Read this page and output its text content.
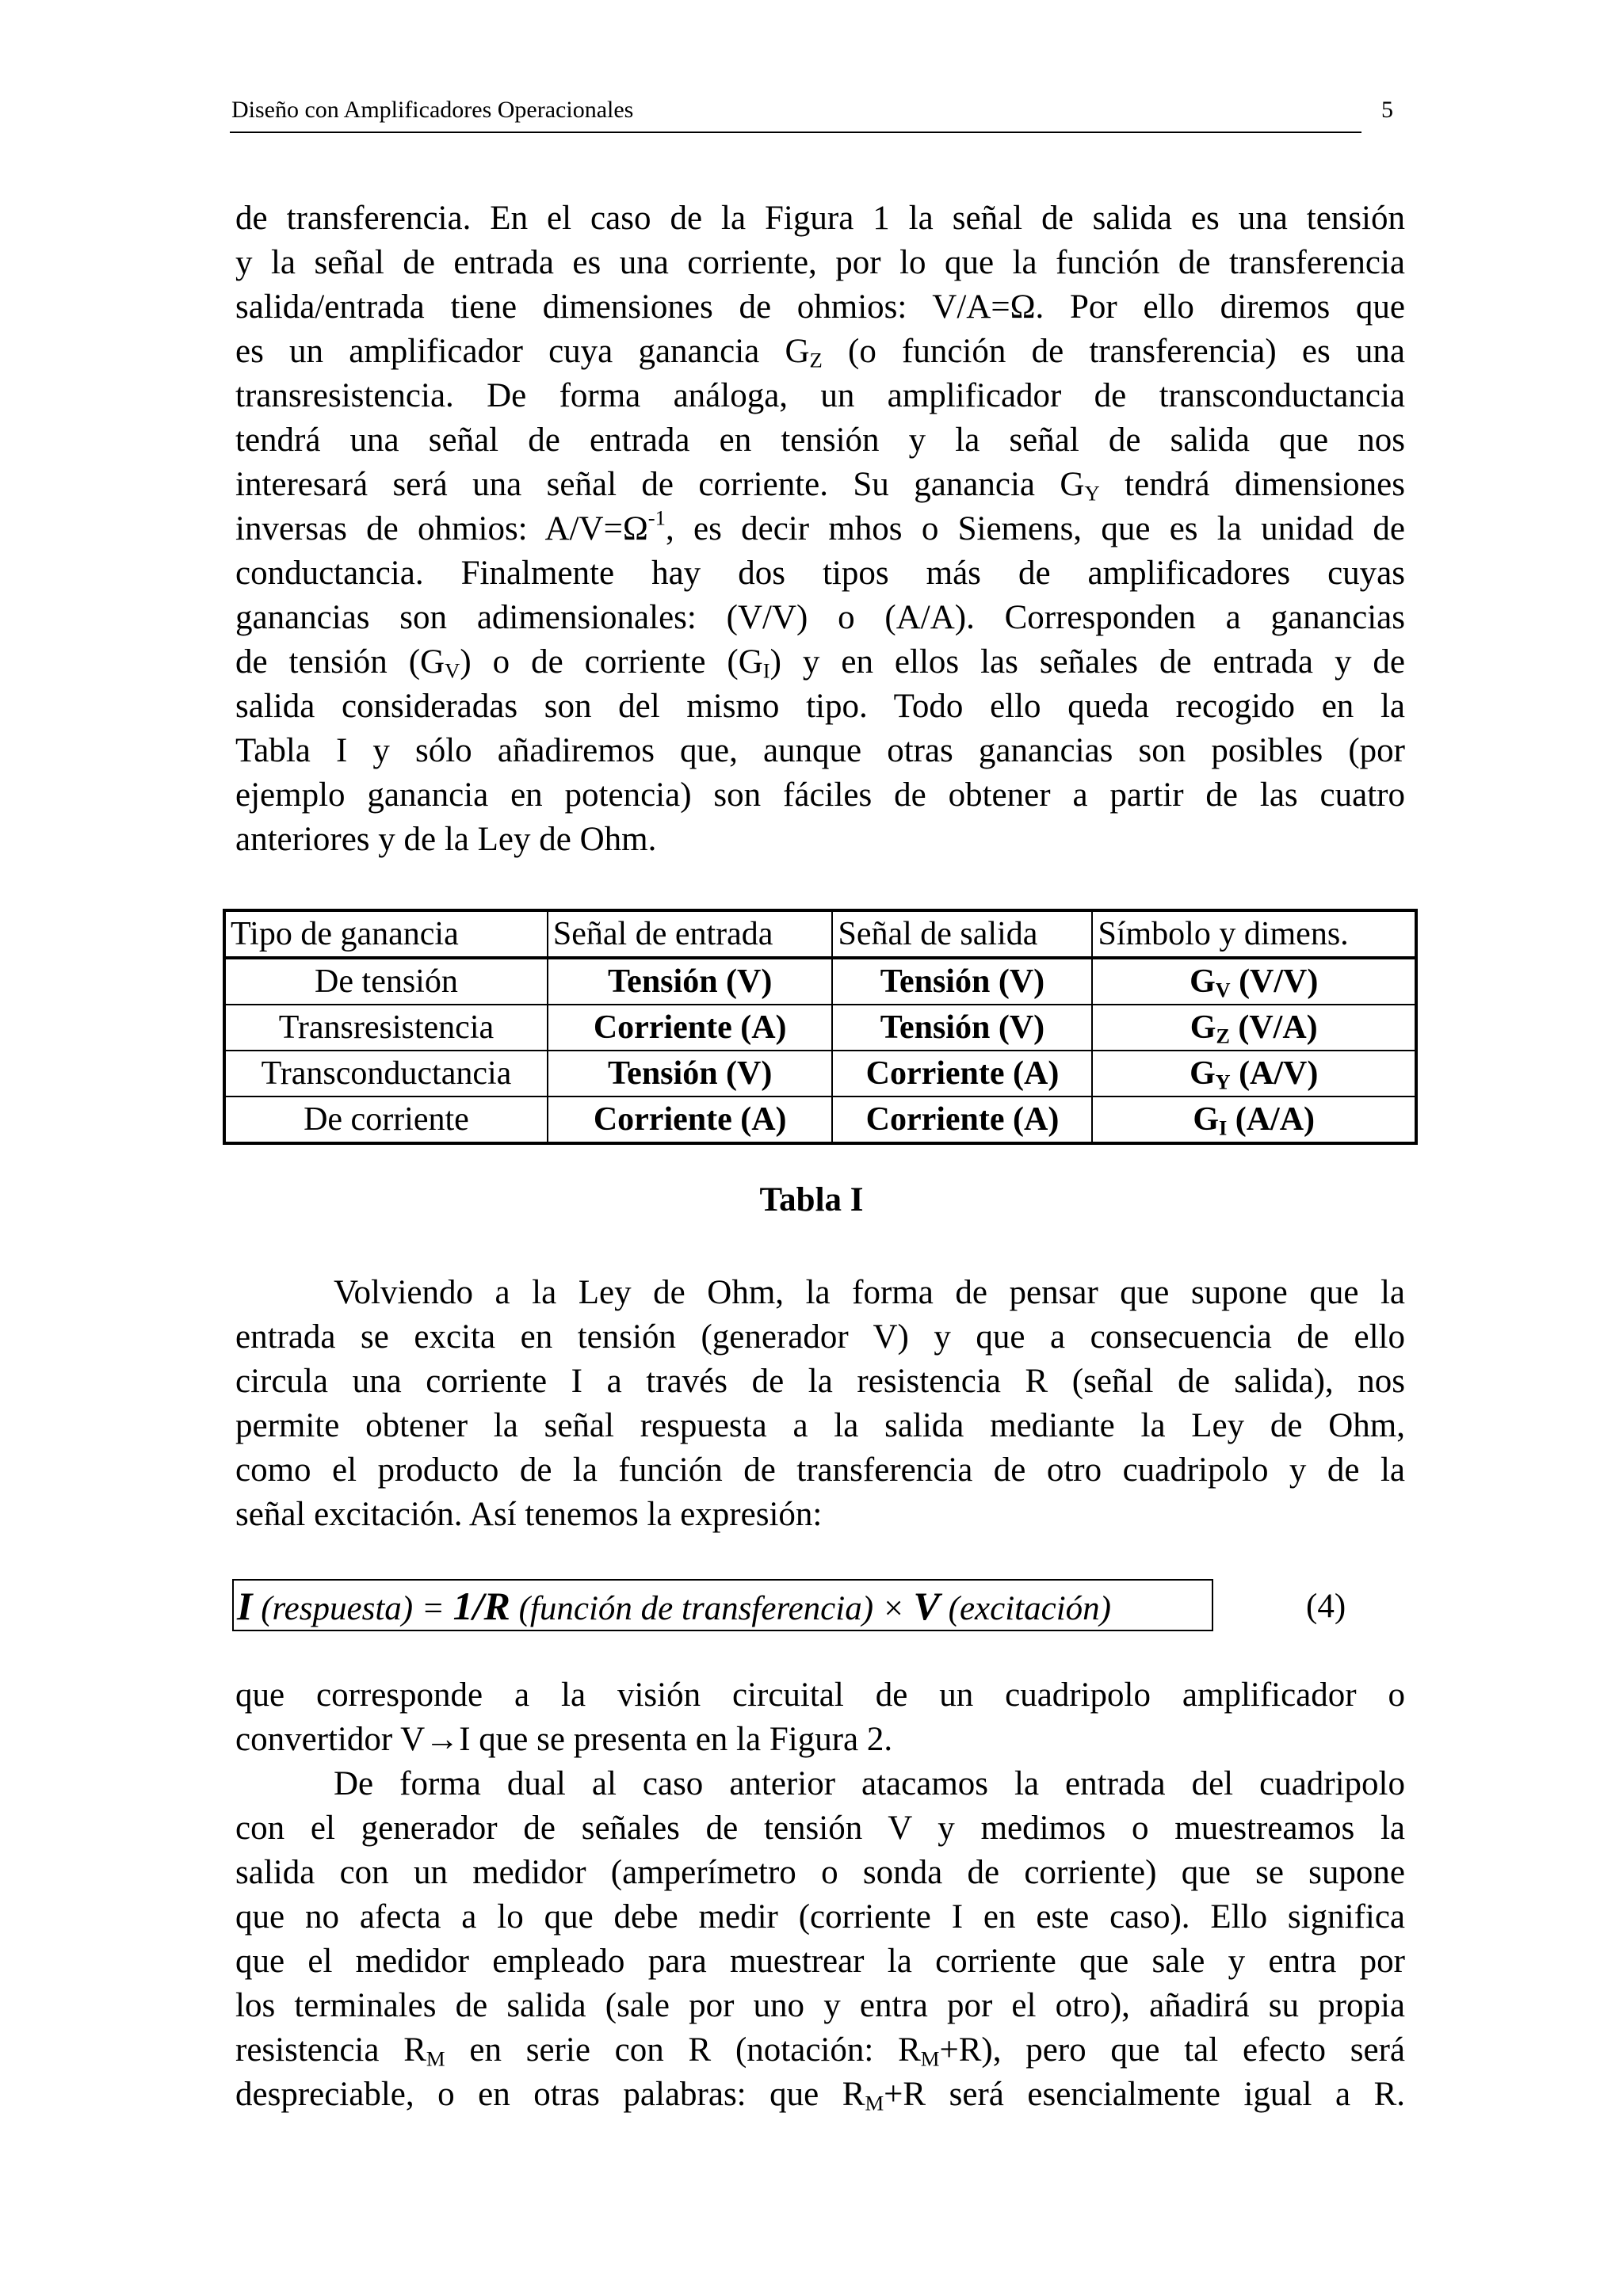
Diseño con Amplificadores Operacionales	5
de transferencia. En el caso de la Figura 1 la señal de salida es una tensión
y la señal de entrada es una corriente, por lo que la función de transferencia
salida/entrada tiene dimensiones de ohmios: V/A=Ω. Por ello diremos que
es un amplificador cuya ganancia $G_Z$ (o función de transferencia) es una
transresistencia. De forma análoga, un amplificador de transconductancia
tendrá una señal de entrada en tensión y la señal de salida que nos
interesará será una señal de corriente. Su ganancia $G_Y$ tendrá dimensiones
inversas de ohmios: $A/V=\Omega^{-1}$, es decir mhos o Siemens, que es la unidad de
conductancia. Finalmente hay dos tipos más de amplificadores cuyas
ganancias son adimensionales: (V/V) o (A/A). Corresponden a ganancias
de tensión $(G_V)$ o de corriente $(G_I)$ y en ellos las señales de entrada y de
salida consideradas son del mismo tipo. Todo ello queda recogido en la
Tabla I y sólo añadiremos que, aunque otras ganancias son posibles (por
ejemplo ganancia en potencia) son fáciles de obtener a partir de las cuatro
anteriores y de la Ley de Ohm.
Tipo de ganancia	Señal de entrada	Señal de salida	Símbolo y dimens.
De tensión	Tensión (V)	Tensión (V)	$G_V$ (V/V)
Transresistencia	Corriente (A)	Tensión (V)	$G_Z$ (V/A)
Transconductancia	Tensión (V)	Corriente (A)	$G_Y$ (A/V)
De corriente	Corriente (A)	Corriente (A)	$G_I$ (A/A)
Tabla I
Volviendo a la Ley de Ohm, la forma de pensar que supone que la
entrada se excita en tensión (generador V) y que a consecuencia de ello
circula una corriente I a través de la resistencia R (señal de salida), nos
permite obtener la señal respuesta a la salida mediante la Ley de Ohm,
como el producto de la función de transferencia de otro cuadripolo y de la
señal excitación. Así tenemos la expresión:
I (respuesta) = 1/R (función de transferencia) × V (excitación)	(4)
que corresponde a la visión circuital de un cuadripolo amplificador o
convertidor V→I que se presenta en la Figura 2.
De forma dual al caso anterior atacamos la entrada del cuadripolo
con el generador de señales de tensión V y medimos o muestreamos la
salida con un medidor (amperímetro o sonda de corriente) que se supone
que no afecta a lo que debe medir (corriente I en este caso). Ello significa
que el medidor empleado para muestrear la corriente que sale y entra por
los terminales de salida (sale por uno y entra por el otro), añadirá su propia
resistencia $R_M$ en serie con R (notación: $R_M+R$), pero que tal efecto será
despreciable, o en otras palabras: que $R_M+R$ será esencialmente igual a R.
